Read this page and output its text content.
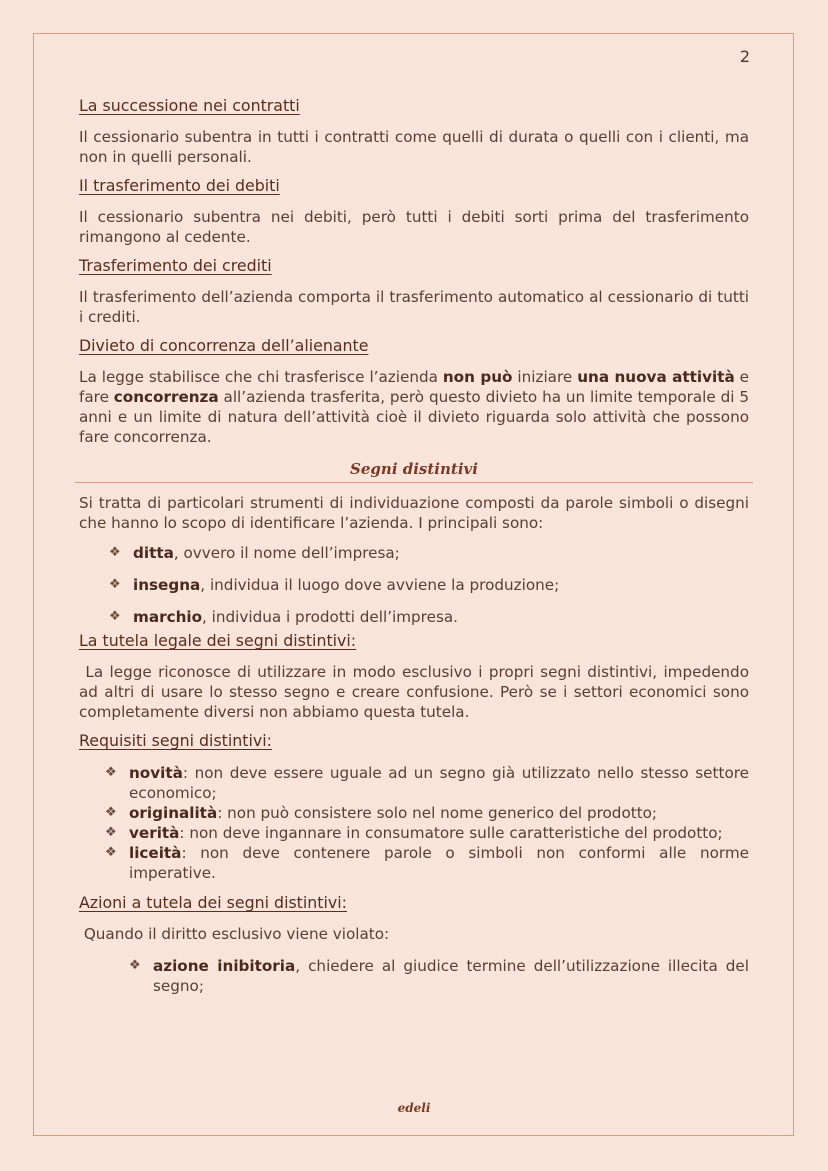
2
La successione nei contratti

Il cessionario subentra in tutti i contratti come quelli di durata o quelli con i clienti, ma non in quelli personali.

Il trasferimento dei debiti

Il cessionario subentra nei debiti, però tutti i debiti sorti prima del trasferimento rimangono al cedente.

Trasferimento dei crediti

Il trasferimento dell’azienda comporta il trasferimento automatico al cessionario di tutti i crediti.

Divieto di concorrenza dell’alienante

La legge stabilisce che chi trasferisce l’azienda non può iniziare una nuova attività e fare concorrenza all’azienda trasferita, però questo divieto ha un limite temporale di 5 anni e un limite di natura dell’attività cioè il divieto riguarda solo attività che possono fare concorrenza.

Segni distintivi

Si tratta di particolari strumenti di individuazione composti da parole simboli o disegni che hanno lo scopo di identificare l’azienda. I principali sono:

❖ ditta, ovvero il nome dell’impresa;
❖ insegna, individua il luogo dove avviene la produzione;
❖ marchio, individua i prodotti dell’impresa.
La tutela legale dei segni distintivi:

La legge riconosce di utilizzare in modo esclusivo i propri segni distintivi, impedendo ad altri di usare lo stesso segno e creare confusione. Però se i settori economici sono completamente diversi non abbiamo questa tutela.

Requisiti segni distintivi:
❖ novità: non deve essere uguale ad un segno già utilizzato nello stesso settore economico;
❖ originalità: non può consistere solo nel nome generico del prodotto;
❖ verità: non deve ingannare in consumatore sulle caratteristiche del prodotto;
❖ liceità: non deve contenere parole o simboli non conformi alle norme imperative.
Azioni a tutela dei segni distintivi:

Quando il diritto esclusivo viene violato:

❖ azione inibitoria, chiedere al giudice termine dell’utilizzazione illecita del segno;
edeli
